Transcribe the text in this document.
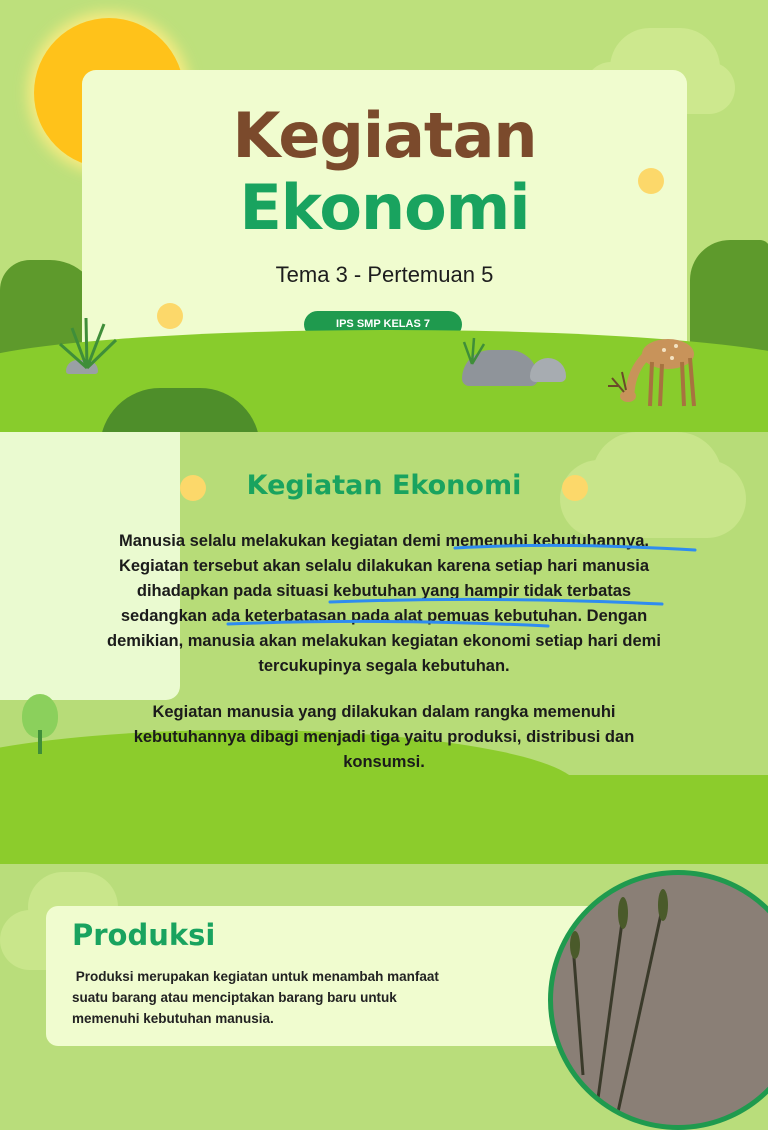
Kegiatan
Ekonomi
Tema 3 - Pertemuan 5
IPS SMP KELAS 7
Kegiatan Ekonomi
Manusia selalu melakukan kegiatan demi memenuhi kebutuhannya.
Kegiatan tersebut akan selalu dilakukan karena setiap hari manusia
dihadapkan pada situasi kebutuhan yang hampir tidak terbatas
sedangkan ada keterbatasan pada alat pemuas kebutuhan. Dengan
demikian, manusia akan melakukan kegiatan ekonomi setiap hari demi
tercukupinya segala kebutuhan.
Kegiatan manusia yang dilakukan dalam rangka memenuhi
kebutuhannya dibagi menjadi tiga yaitu produksi, distribusi dan
konsumsi.
Produksi
Produksi merupakan kegiatan untuk menambah manfaat
suatu barang atau menciptakan barang baru untuk
memenuhi kebutuhan manusia.
